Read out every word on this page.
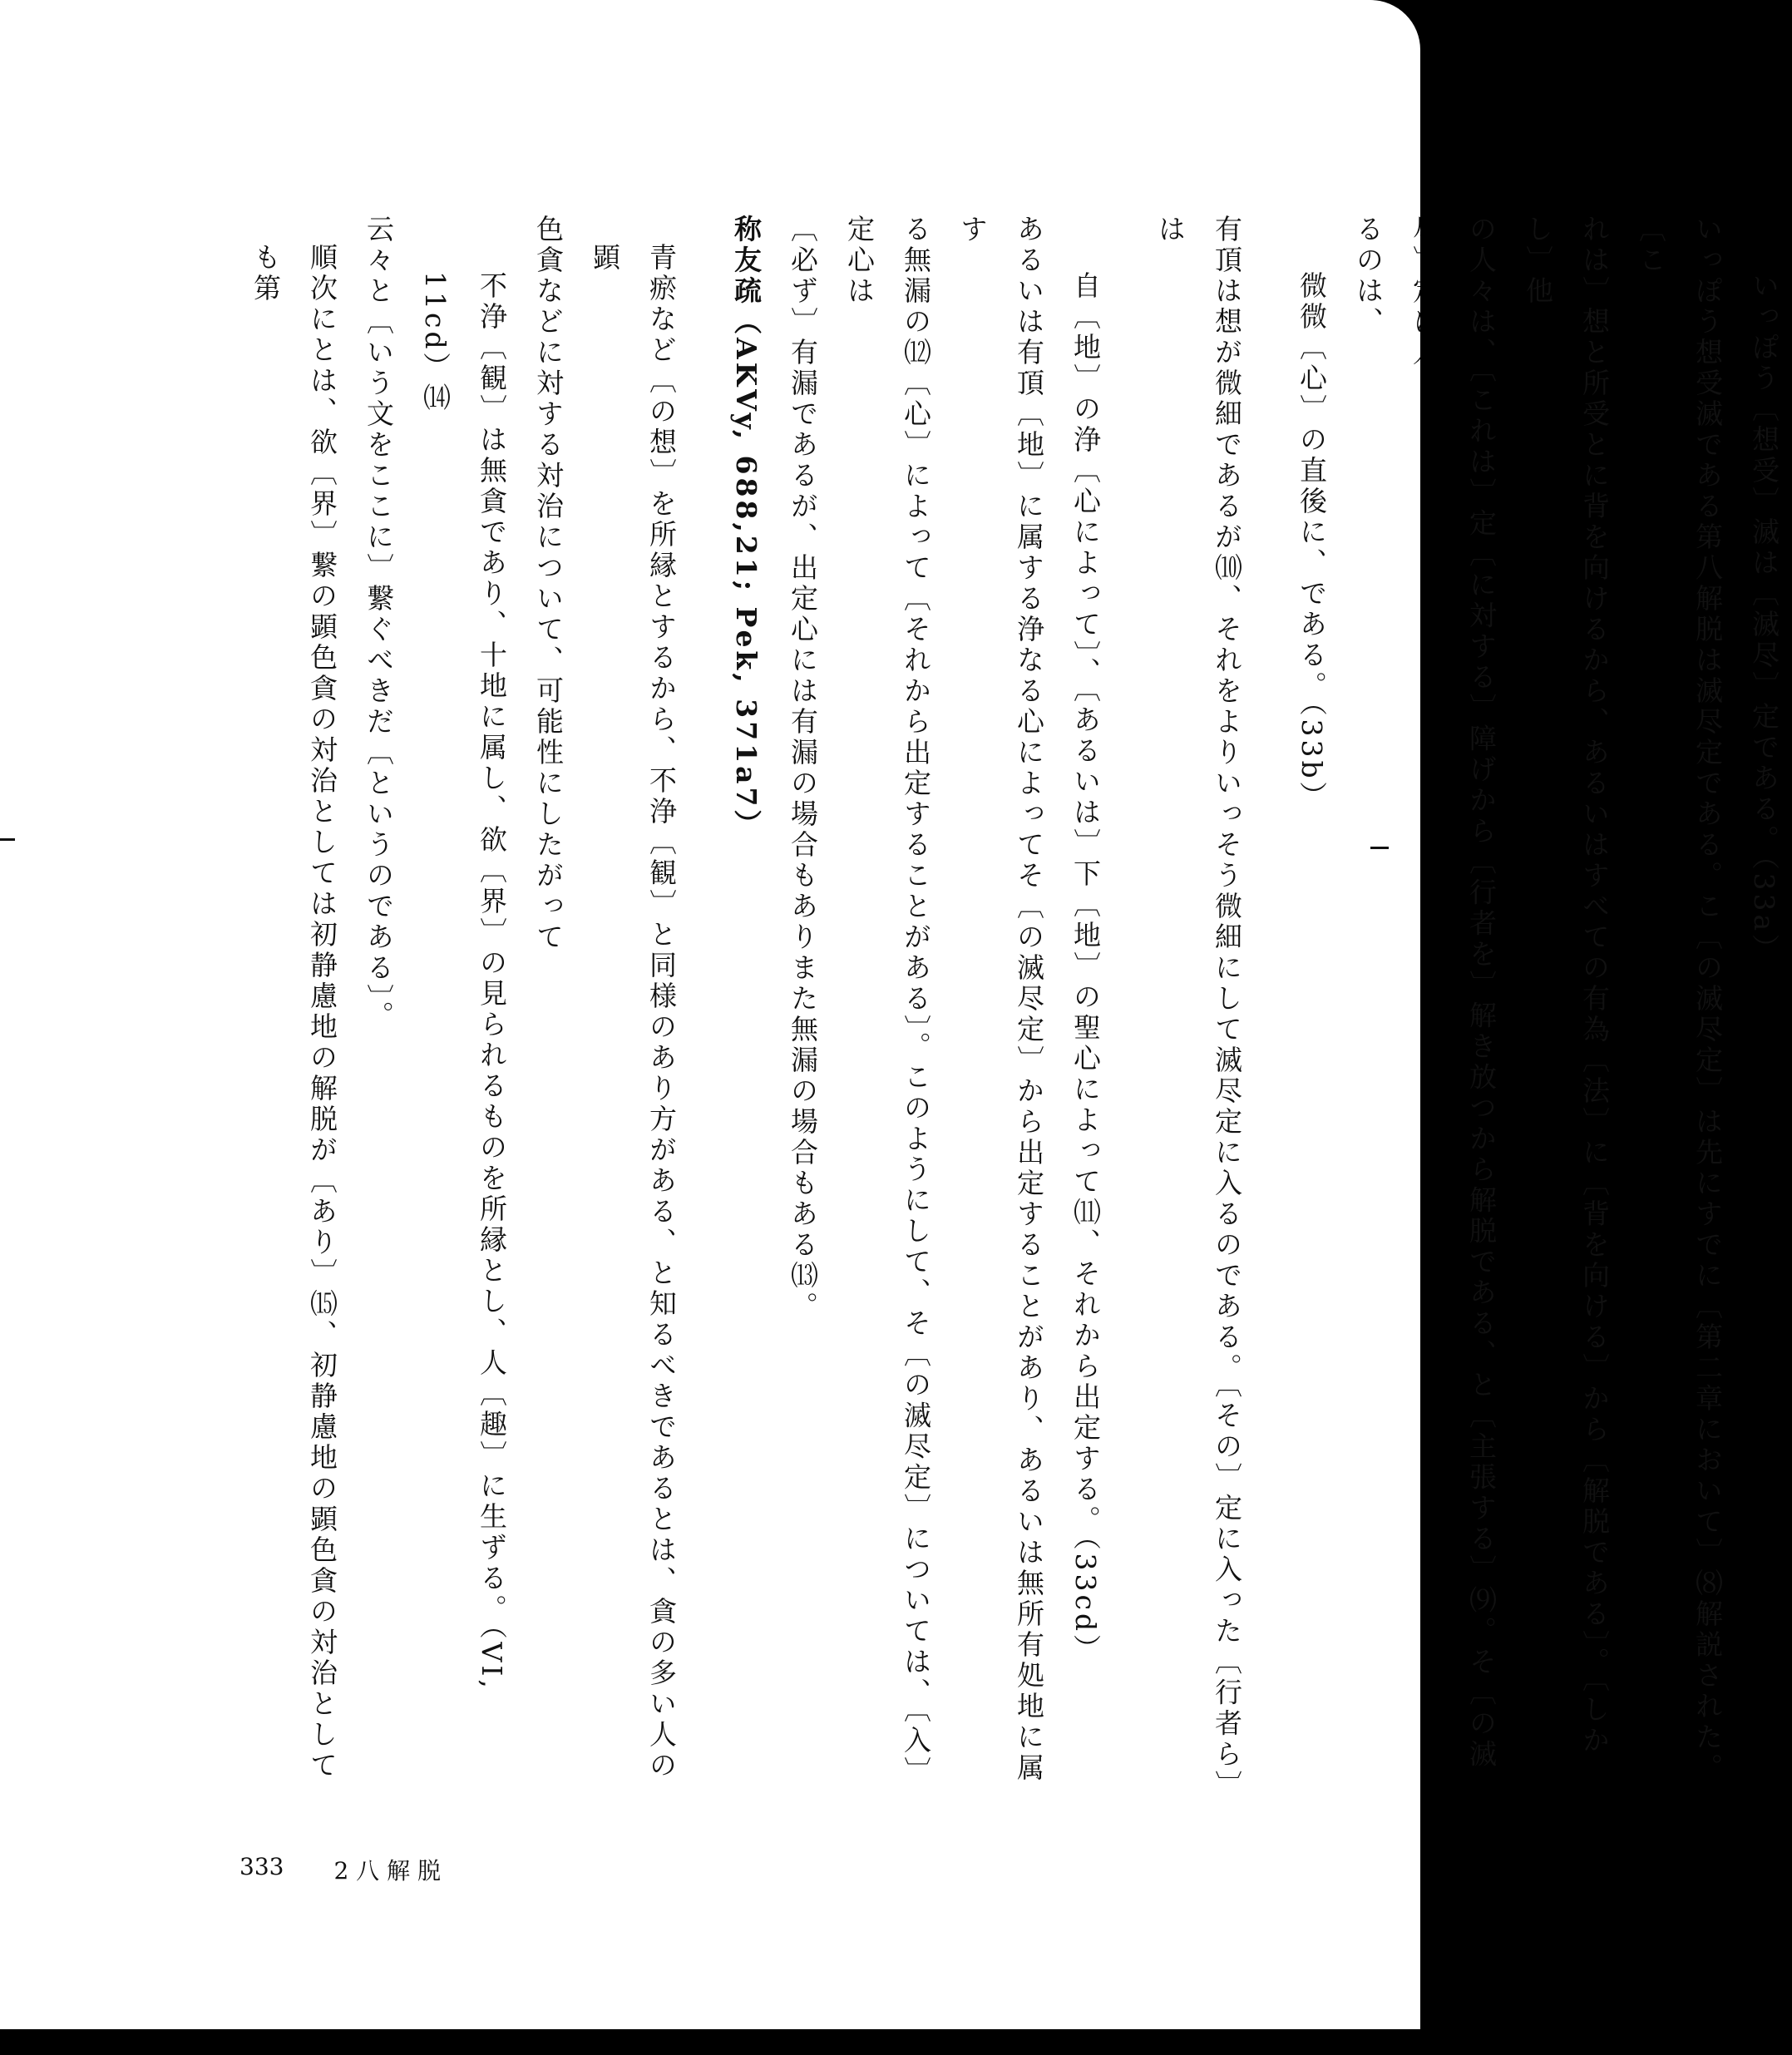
いっぽう〔想受〕滅は〔滅尽〕定である。（33a）

いっぽう想受滅である第八解脱は滅尽定である。こ〔の滅尽定〕は先にすでに〔第二章において〕⑻解説された。〔こ

れは〕想と所受とに背を向けるから、あるいはすべての有為〔法〕に〔背を向ける〕から〔解脱である〕。〔しかし〕他

の人々は、〔これは〕定〔に対する〕障げから〔行者を〕解き放つから解脱である、と〔主張する〕⑼。そ〔の滅

るのは、

微微〔心〕の直後に、である。（33b）

有頂は想が微細であるが⑽、それをよりいっそう微細にして滅尽定に入るのである。〔その〕定に入った〔行者ら〕は

自〔地〕の浄〔心によって〕、〔あるいは〕下〔地〕の聖心によって⑾、それから出定する。（33cd）

あるいは有頂〔地〕に属する浄なる心によってそ〔の滅尽定〕から出定することがあり、あるいは無所有処地に属す

る無漏の⑿〔心〕によって〔それから出定することがある〕。このようにして、そ〔の滅尽定〕については、〔入〕定心は

〔必ず〕有漏であるが、出定心には有漏の場合もありまた無漏の場合もある⒀。

称友疏（AKVy, 688,21; Pek, 371a7）

青瘀など〔の想〕を所縁とするから、不浄〔観〕と同様のあり方がある、と知るべきであるとは、貪の多い人の顕

色貪などに対する対治について、可能性にしたがって

不浄〔観〕は無貪であり、十地に属し、欲〔界〕の見られるものを所縁とし、人〔趣〕に生ずる。（VI, 11cd）⒁

云々と〔いう文をここに〕繋ぐべきだ〔というのである〕。

順次にとは、欲〔界〕繋の顕色貪の対治としては初静慮地の解脱が〔あり〕⒂、初静慮地の顕色貪の対治としても第

333 2 八 解 脱
